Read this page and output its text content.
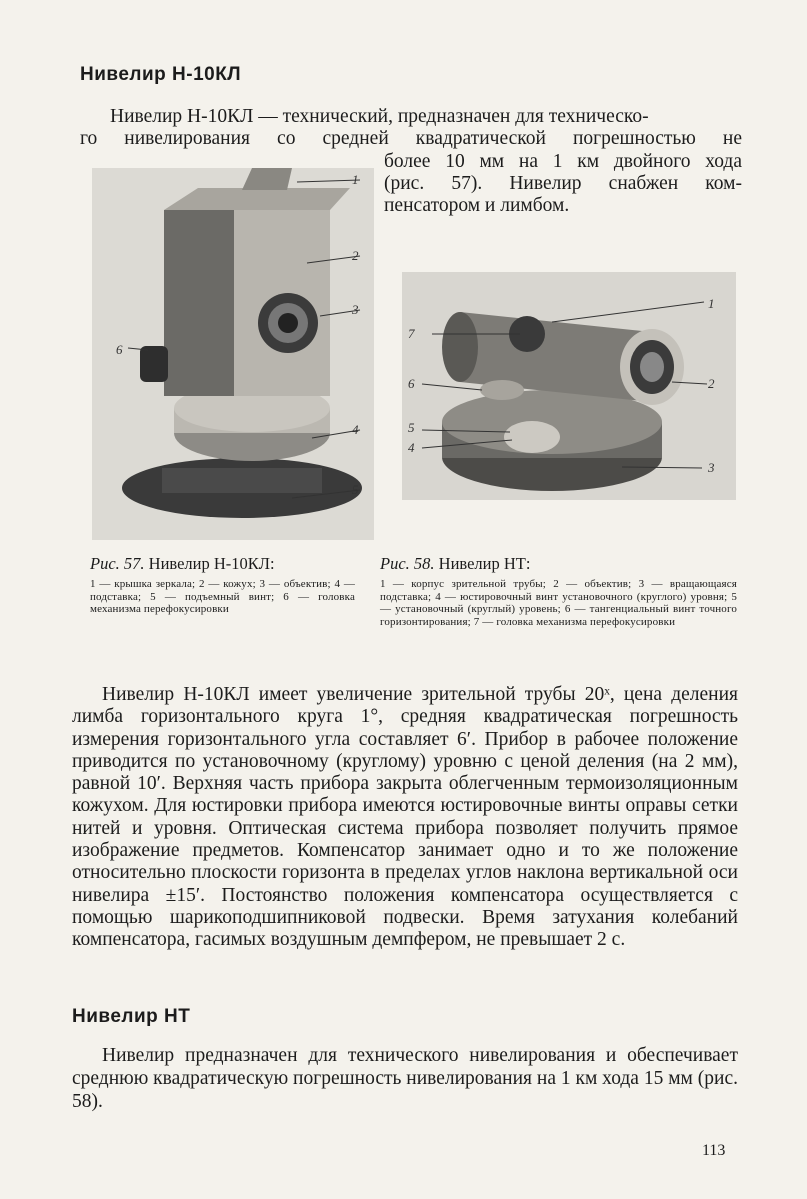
Нивелир Н-10КЛ

Нивелир Н-10КЛ — технический, предназначен для техническо-

го нивелирования со средней квадратической погрешностью не

более 10 мм на 1 км двойного хода

(рис. 57). Нивелир снабжен ком-

пенсатором и лимбом.

1
2
3
4
5
6
1
2
3
7
6
5
4
Рис. 57. Нивелир Н-10КЛ:
1 — крышка зеркала; 2 — кожух; 3 — объектив; 4 — подставка; 5 — подъемный винт; 6 — головка механизма перефокусировки
Рис. 58. Нивелир НТ:
1 — корпус зрительной трубы; 2 — объектив; 3 — вращающаяся подставка; 4 — юстировочный винт установочного (круглого) уровня; 5 — установочный (круглый) уровень; 6 — тангенциальный винт точного горизонтирования; 7 — головка механизма перефокусировки

Нивелир Н-10КЛ имеет увеличение зрительной трубы 20ˣ, цена деления лимба горизонтального круга 1°, средняя квадратическая погрешность измерения горизонтального угла составляет 6′. Прибор в рабочее положение приводится по установочному (круглому) уровню с ценой деления (на 2 мм), равной 10′. Верхняя часть прибора закрыта облегченным термоизоляционным кожухом. Для юстировки прибора имеются юстировочные винты оправы сетки нитей и уровня. Оптическая система прибора позволяет получить прямое изображение предметов. Компенсатор занимает одно и то же положение относительно плоскости горизонта в пределах углов наклона вертикальной оси нивелира ±15′. Постоянство положения компенсатора осуществляется с помощью шарикоподшипниковой подвески. Время затухания колебаний компенсатора, гасимых воздушным демпфером, не превышает 2 с.

Нивелир НТ

Нивелир предназначен для технического нивелирования и обеспечивает среднюю квадратическую погрешность нивелирования на 1 км хода 15 мм (рис. 58).

113
